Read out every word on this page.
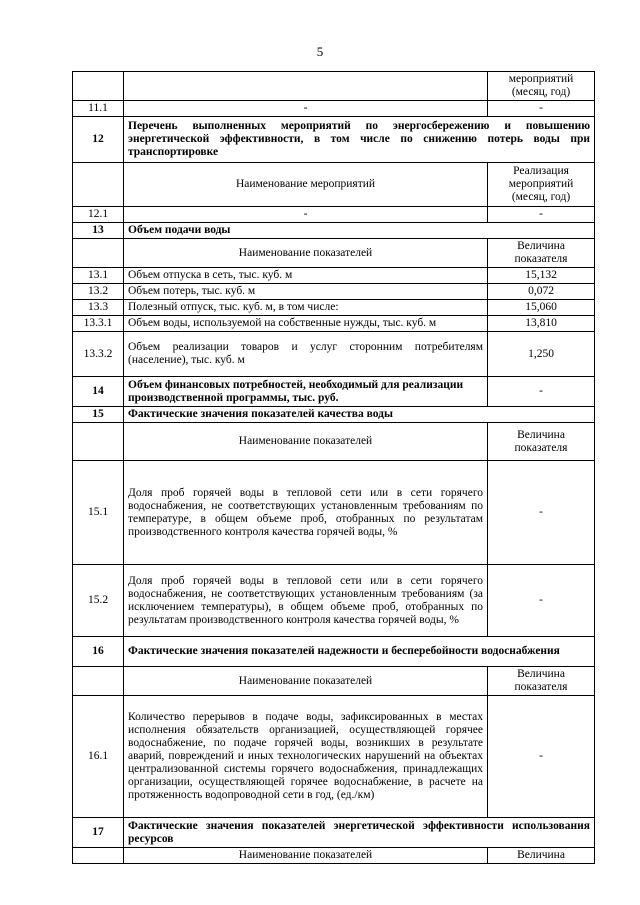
5
		мероприятий (месяц, год)
11.1	-	-
12	Перечень выполненных мероприятий по энергосбережению и повышению энергетической эффективности, в том числе по снижению потерь воды при транспортировке	
	Наименование мероприятий	Реализация мероприятий (месяц, год)
12.1	-	-
13	Объем подачи воды	
	Наименование показателей	Величина показателя
13.1	Объем отпуска в сеть, тыс. куб. м	15,132
13.2	Объем потерь, тыс. куб. м	0,072
13.3	Полезный отпуск, тыс. куб. м, в том числе:	15,060
13.3.1	Объем воды, используемой на собственные нужды, тыс. куб. м	13,810
13.3.2	Объем реализации товаров и услуг сторонним потребителям (население), тыс. куб. м	1,250
14	Объем финансовых потребностей, необходимый для реализации производственной программы, тыс. руб.	-
15	Фактические значения показателей качества воды	
	Наименование показателей	Величина показателя
15.1	Доля проб горячей воды в тепловой сети или в сети горячего водоснабжения, не соответствующих установленным требованиям по температуре, в общем объеме проб, отобранных по результатам производственного контроля качества горячей воды, %	-
15.2	Доля проб горячей воды в тепловой сети или в сети горячего водоснабжения, не соответствующих установленным требованиям (за исключением температуры), в общем объеме проб, отобранных по результатам производственного контроля качества горячей воды, %	-
16	Фактические значения показателей надежности и бесперебойности водоснабжения	
	Наименование показателей	Величина показателя
16.1	Количество перерывов в подаче воды, зафиксированных в местах исполнения обязательств организацией, осуществляющей горячее водоснабжение, по подаче горячей воды, возникших в результате аварий, повреждений и иных технологических нарушений на объектах централизованной системы горячего водоснабжения, принадлежащих организации, осуществляющей горячее водоснабжение, в расчете на протяженность водопроводной сети в год, (ед./км)	-
17	Фактические значения показателей энергетической эффективности использования ресурсов	
	Наименование показателей	Величина
